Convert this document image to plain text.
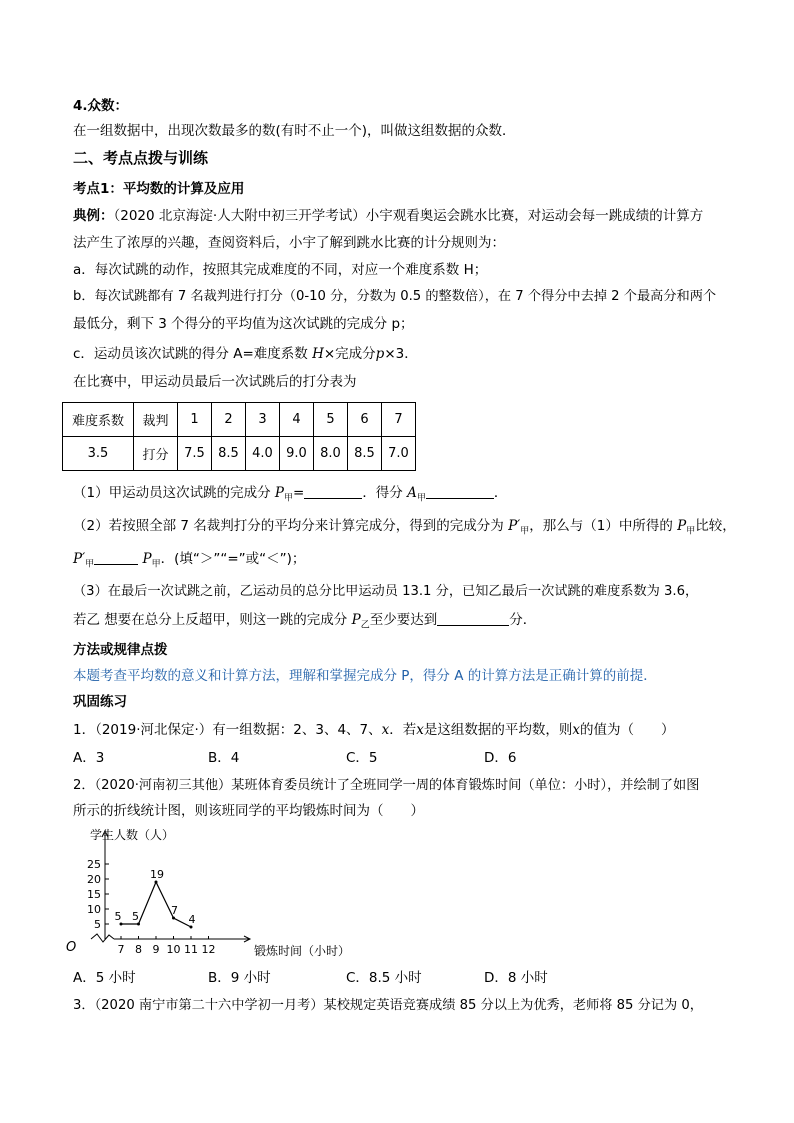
4.众数：
在一组数据中，出现次数最多的数(有时不止一个)，叫做这组数据的众数．
二、考点点拨与训练
考点1：平均数的计算及应用
典例：（2020 北京海淀·人大附中初三开学考试）小宇观看奥运会跳水比赛，对运动会每一跳成绩的计算方
法产生了浓厚的兴趣，查阅资料后，小宇了解到跳水比赛的计分规则为：
a．每次试跳的动作，按照其完成难度的不同，对应一个难度系数 H；
b．每次试跳都有 7 名裁判进行打分（0-10 分，分数为 0.5 的整数倍），在 7 个得分中去掉 2 个最高分和两个
最低分，剩下 3 个得分的平均值为这次试跳的完成分 p；
c．运动员该次试跳的得分 A=难度系数 H×完成分p×3．
在比赛中，甲运动员最后一次试跳后的打分表为
难度系数	裁判	1	2	3	4	5	6	7
3.5	打分	7.5	8.5	4.0	9.0	8.0	8.5	7.0
（1）甲运动员这次试跳的完成分 $P_甲=$	．得分 $A_甲$	．
（2）若按照全部 7 名裁判打分的平均分来计算完成分，得到的完成分为 $P'_甲$，那么与（1）中所得的 $P_甲$比较，
$P'_甲$	$P_甲$．(填“＞”“=”或“＜”)；
（3）在最后一次试跳之前，乙运动员的总分比甲运动员 13.1 分，已知乙最后一次试跳的难度系数为 3.6，
若乙 想要在总分上反超甲，则这一跳的完成分 $P_乙$至少要达到	分．
方法或规律点拨
本题考查平均数的意义和计算方法，理解和掌握完成分 P，得分 A 的计算方法是正确计算的前提．
巩固练习
1．（2019·河北保定·）有一组数据：2、3、4、7、x．若x是这组数据的平均数，则x的值为（　　）
A．3	B．4	C．5	D．6
2．（2020·河南初三其他）某班体育委员统计了全班同学一周的体育锻炼时间（单位：小时），并绘制了如图
所示的折线统计图，则该班同学的平均锻炼时间为（　　）
学生人数（人）
锻炼时间（小时）
O
5
10
15
20
25
7 8 9 10 11 12
5 5
19
7
4
A．5 小时	B．9 小时	C．8.5 小时	D．8 小时
3．（2020 南宁市第二十六中学初一月考）某校规定英语竞赛成绩 85 分以上为优秀，老师将 85 分记为 0，
